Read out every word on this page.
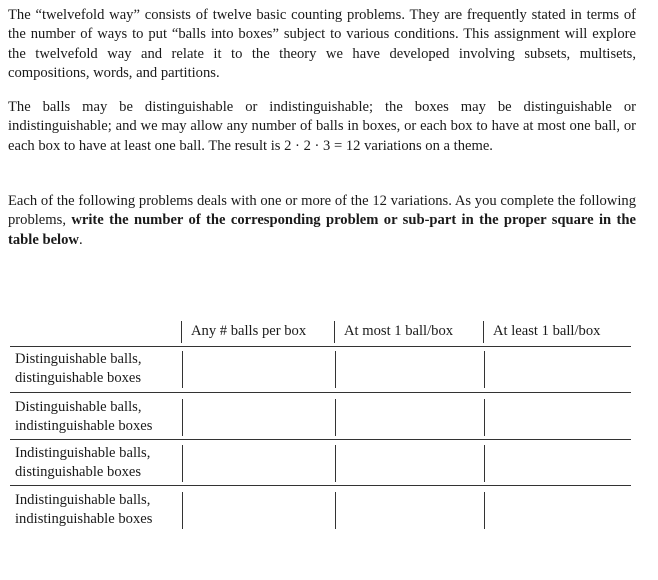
The “twelvefold way” consists of twelve basic counting problems. They are frequently stated in terms of the number of ways to put “balls into boxes” subject to various conditions. This assignment will explore the twelvefold way and relate it to the theory we have developed involving subsets, multisets, compositions, words, and partitions.

The balls may be distinguishable or indistinguishable; the boxes may be distinguishable or indistinguishable; and we may allow any number of balls in boxes, or each box to have at most one ball, or each box to have at least one ball. The result is 2 · 2 · 3 = 12 variations on a theme.

Each of the following problems deals with one or more of the 12 variations. As you complete the following problems, write the number of the corresponding problem or sub-part in the proper square in the table below.

Any # balls per box	At most 1 ball/box	At least 1 ball/box
Distinguishable balls,
distinguishable boxes
Distinguishable balls,
indistinguishable boxes
Indistinguishable balls,
distinguishable boxes
Indistinguishable balls,
indistinguishable boxes
